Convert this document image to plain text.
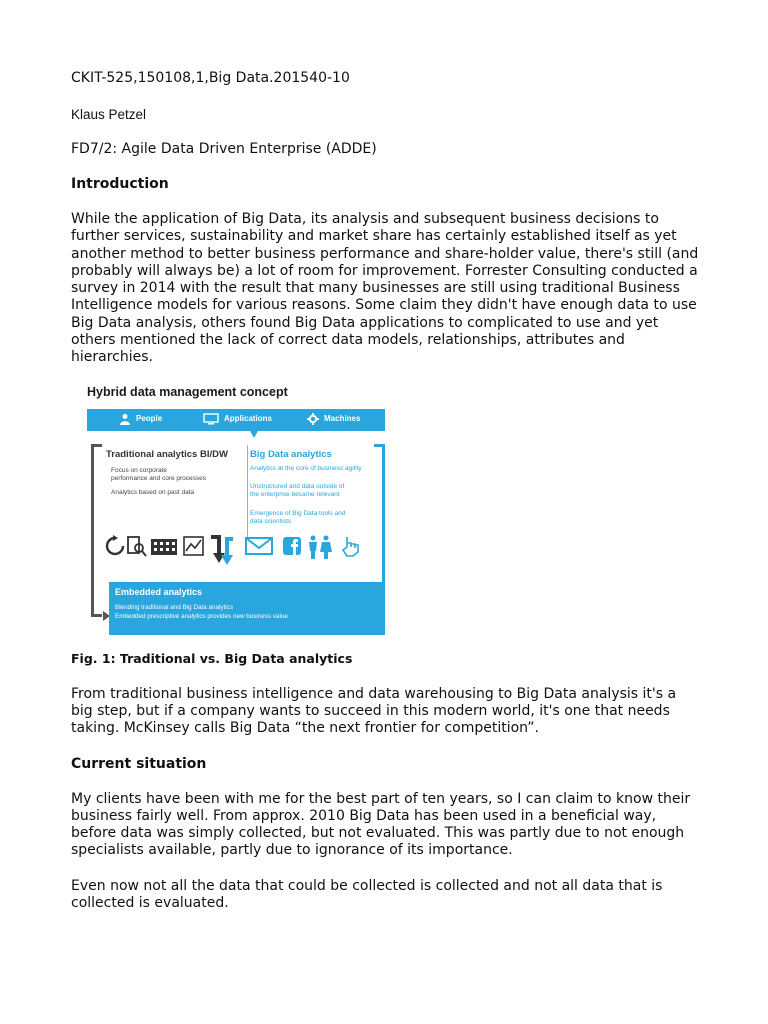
CKIT-525,150108,1,Big Data.201540-10

Klaus Petzel

FD7/2: Agile Data Driven Enterprise (ADDE)

Introduction

While the application of Big Data, its analysis and subsequent business decisions to further services, sustainability and market share has certainly established itself as yet another method to better business performance and share-holder value, there's still (and probably will always be) a lot of room for improvement. Forrester Consulting conducted a survey in 2014 with the result that many businesses are still using traditional Business Intelligence models for various reasons. Some claim they didn't have enough data to use Big Data analysis, others found Big Data applications to complicated to use and yet others mentioned the lack of correct data models, relationships, attributes and hierarchies.

Hybrid data management concept
People	Applications	Machines
Traditional analytics BI/DW
Focus on corporate
performance and core processes
Analytics based on past data
Big Data analytics
Analytics at the core of business agility
Unstructured and data outside of
the enterprise became relevant
Emergence of Big Data tools and
data scientists
Embedded analytics
Blending traditional and Big Data analytics
Embedded prescriptive analytics provides new business value

Fig. 1: Traditional vs. Big Data analytics

From traditional business intelligence and data warehousing to Big Data analysis it's a big step, but if a company wants to succeed in this modern world, it's one that needs taking. McKinsey calls Big Data “the next frontier for competition”.

Current situation

My clients have been with me for the best part of ten years, so I can claim to know their business fairly well. From approx. 2010 Big Data has been used in a beneficial way, before data was simply collected, but not evaluated. This was partly due to not enough specialists available, partly due to ignorance of its importance.

Even now not all the data that could be collected is collected and not all data that is collected is evaluated.
